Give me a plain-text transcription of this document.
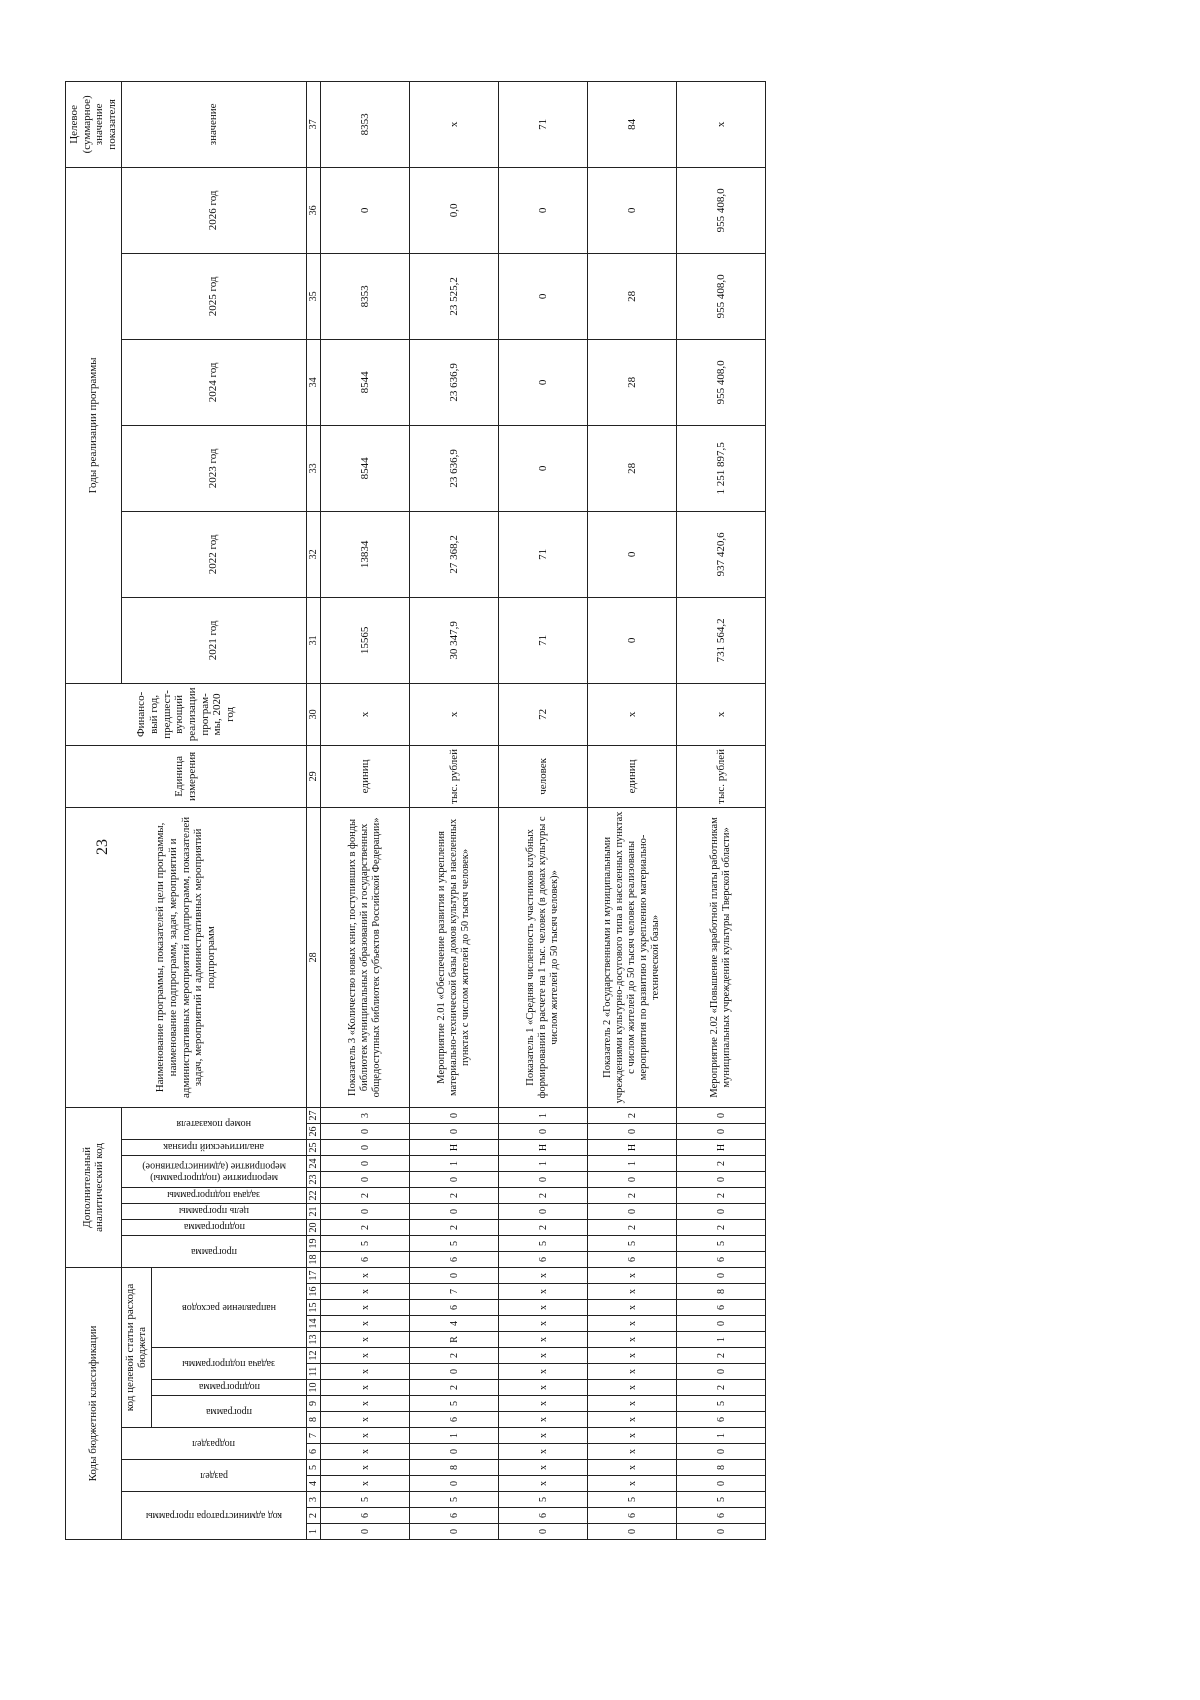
23
Коды бюджетной классификации																	Дополнительный аналитический код										Наименование программы, показателей цели программы, наименование подпрограмм, задач, мероприятий и административных мероприятий подпрограмм, показателей задач, мероприятий и административных мероприятий подпрограмм	Единица измерения	Финансо-вый год, предшест-вующий реализации програм-мы, 2020 год	Годы реализации программы						Целевое (суммарное) значение показателя

код администратора программы			раздел		подраздел		код целевой статьи расхода бюджета										программа		подпрограмма	цель программы	задача подпрограммы	мероприятие (подпрограммы) мероприятие (административное)		аналитический признак	номер показателя					2021 год	2022 год	2023 год	2024 год	2025 год	2026 год	значение

							программа		подпрограмма	задача подпрограммы		направление расходов																								

1	2	3	4	5	6	7	8	9	10	11	12	13	14	15	16	17	18	19	20	21	22	23	24	25	26	27	28	29	30	31	32	33	34	35	36	37
0	6	5	х	х	х	х	х	х	х	х	х	х	х	х	х	х	6	5	2	0	2	0	0	0	0	3	Показатель 3 «Количество новых книг, поступивших в фонды библиотек муниципальных образований и государственных общедоступных библиотек субъектов Российской Федерации»	единиц	х	15565	13834	8544	8544	8353	0	8353
0	6	5	0	8	0	1	6	5	2	0	2	R	4	6	7	0	6	5	2	0	2	0	1	Н	0	0	Мероприятие 2.01 «Обеспечение развития и укрепления материально-технической базы домов культуры в населенных пунктах с числом жителей до 50 тысяч человек»	тыс. рублей	х	30 347,9	27 368,2	23 636,9	23 636,9	23 525,2	0,0	х
0	6	5	х	х	х	х	х	х	х	х	х	х	х	х	х	х	6	5	2	0	2	0	1	Н	0	1	Показатель 1 «Средняя численность участников клубных формирований в расчете на 1 тыс. человек (в домах культуры с числом жителей до 50 тысяч человек)»	человек	72	71	71	0	0	0	0	71
0	6	5	х	х	х	х	х	х	х	х	х	х	х	х	х	х	6	5	2	0	2	0	1	Н	0	2	Показатель 2 «Государственными и муниципальными учреждениями культурно-досугового типа в населенных пунктах с числом жителей до 50 тысяч человек реализованы мероприятия по развитию и укреплению материально-технической базы»	единиц	х	0	0	28	28	28	0	84
0	6	5	0	8	0	1	6	5	2	0	2	1	0	6	8	0	6	5	2	0	2	0	2	Н	0	0	Мероприятие 2.02 «Повышение заработной платы работникам муниципальных учреждений культуры Тверской области»	тыс. рублей	х	731 564,2	937 420,6	1 251 897,5	955 408,0	955 408,0	955 408,0	х
